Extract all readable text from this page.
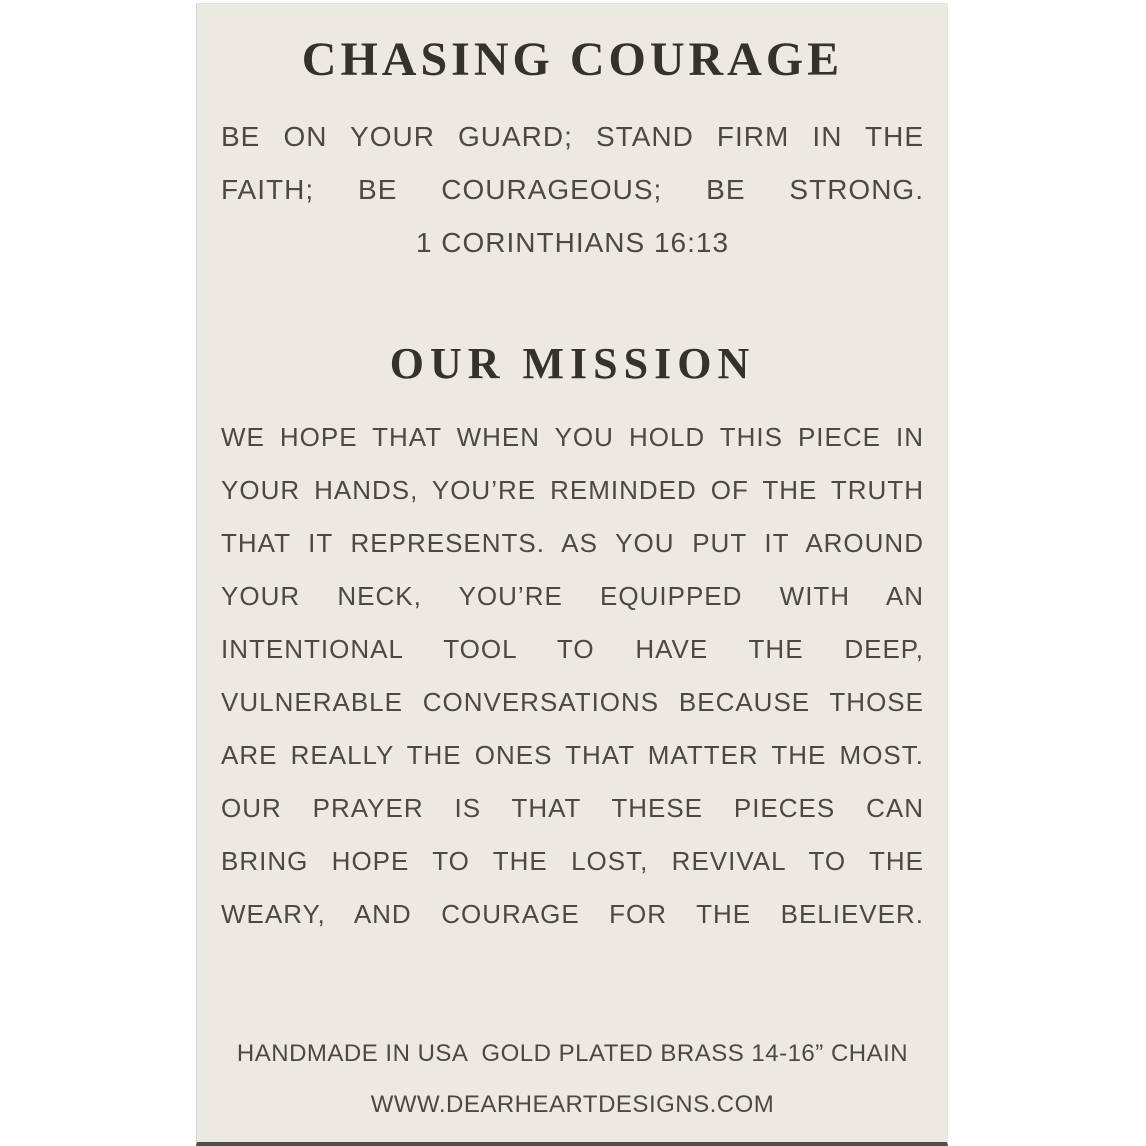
CHASING COURAGE
BE ON YOUR GUARD; STAND FIRM IN THE
FAITH; BE COURAGEOUS; BE STRONG.
1 CORINTHIANS 16:13
OUR MISSION
WE HOPE THAT WHEN YOU HOLD THIS PIECE IN
YOUR HANDS, YOU’RE REMINDED OF THE TRUTH
THAT IT REPRESENTS. AS YOU PUT IT AROUND
YOUR NECK, YOU’RE EQUIPPED WITH AN
INTENTIONAL TOOL TO HAVE THE DEEP,
VULNERABLE CONVERSATIONS BECAUSE THOSE
ARE REALLY THE ONES THAT MATTER THE MOST.
OUR PRAYER IS THAT THESE PIECES CAN
BRING HOPE TO THE LOST, REVIVAL TO THE
WEARY, AND COURAGE FOR THE BELIEVER.
HANDMADE IN USA  GOLD PLATED BRASS 14-16” CHAIN
WWW.DEARHEARTDESIGNS.COM
